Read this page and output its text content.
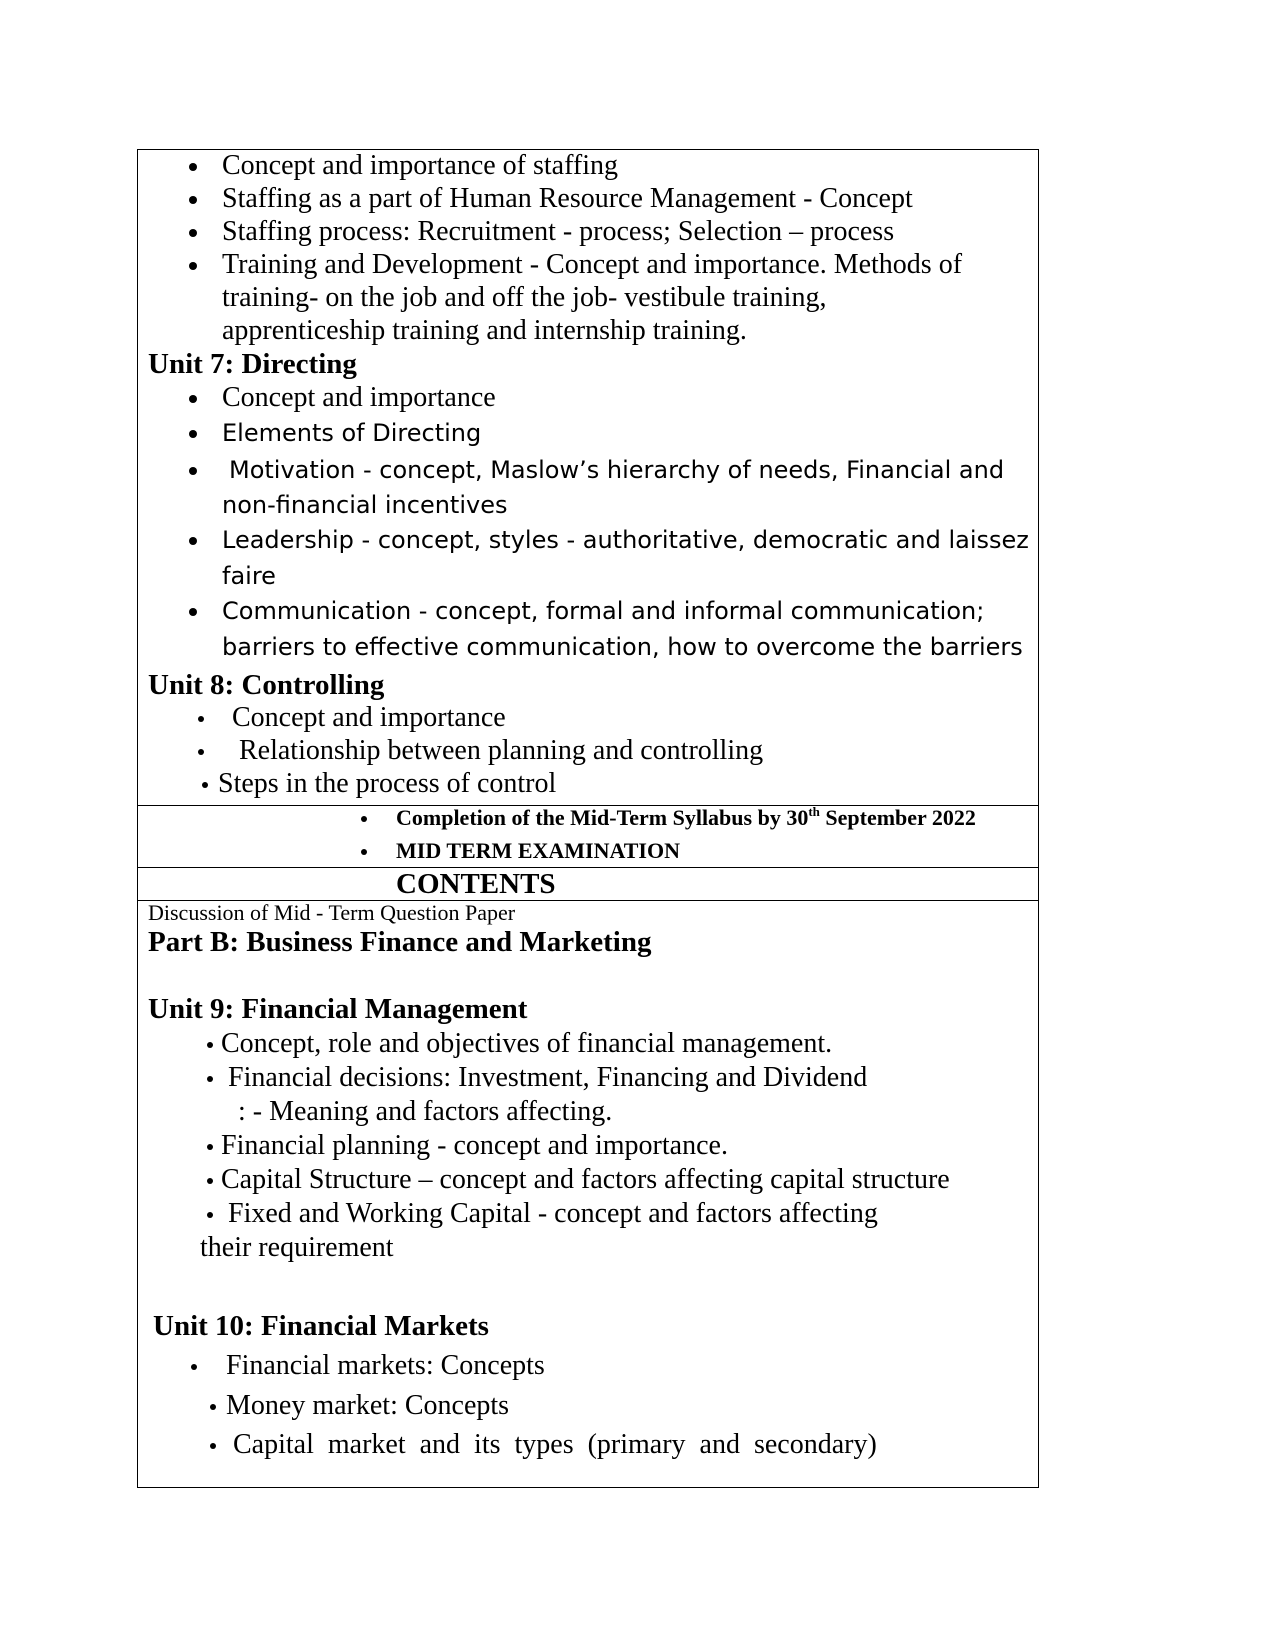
Concept and importance of staffing
Staffing as a part of Human Resource Management - Concept
Staffing process: Recruitment - process; Selection – process
Training and Development - Concept and importance. Methods of
training- on the job and off the job- vestibule training,
apprenticeship training and internship training.
Unit 7: Directing
Concept and importance
Elements of Directing
Motivation - concept, Maslow’s hierarchy of needs, Financial and
non-financial incentives
Leadership - concept, styles - authoritative, democratic and laissez
faire
Communication - concept, formal and informal communication;
barriers to effective communication, how to overcome the barriers
Unit 8: Controlling
Concept and importance
Relationship between planning and controlling
Steps in the process of control
Completion of the Mid-Term Syllabus by 30th September 2022
MID TERM EXAMINATION
CONTENTS
Discussion of Mid - Term Question Paper
Part B: Business Finance and Marketing
Unit 9: Financial Management
Concept, role and objectives of financial management.
Financial decisions: Investment, Financing and Dividend
: - Meaning and factors affecting.
Financial planning - concept and importance.
Capital Structure – concept and factors affecting capital structure
Fixed and Working Capital - concept and factors affecting
their requirement
Unit 10: Financial Markets
Financial markets: Concepts
Money market: Concepts
Capital  market  and  its  types  (primary  and  secondary)
